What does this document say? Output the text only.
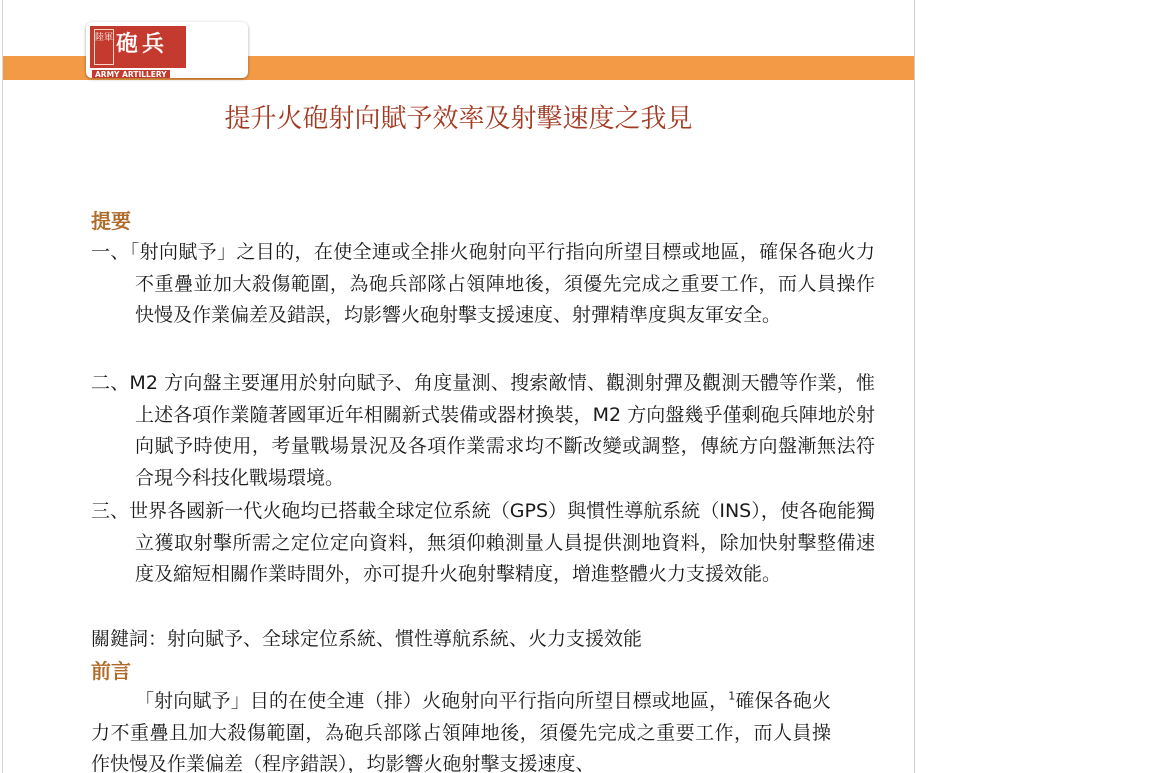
陸軍 砲兵
ARMY ARTILLERY
提升火砲射向賦予效率及射擊速度之我見
提要
一、「射向賦予」之目的，在使全連或全排火砲射向平行指向所望目標或地區，確保各砲火力不重疊並加大殺傷範圍，為砲兵部隊占領陣地後，須優先完成之重要工作，而人員操作快慢及作業偏差及錯誤，均影響火砲射擊支援速度、射彈精準度與友軍安全。
二、M2 方向盤主要運用於射向賦予、角度量測、搜索敵情、觀測射彈及觀測天體等作業，惟上述各項作業隨著國軍近年相關新式裝備或器材換裝，M2 方向盤幾乎僅剩砲兵陣地於射向賦予時使用，考量戰場景況及各項作業需求均不斷改變或調整，傳統方向盤漸無法符合現今科技化戰場環境。
三、世界各國新一代火砲均已搭載全球定位系統（GPS）與慣性導航系統（INS），使各砲能獨立獲取射擊所需之定位定向資料，無須仰賴測量人員提供測地資料，除加快射擊整備速度及縮短相關作業時間外，亦可提升火砲射擊精度，增進整體火力支援效能。
關鍵詞：射向賦予、全球定位系統、慣性導航系統、火力支援效能
前言
「射向賦予」目的在使全連（排）火砲射向平行指向所望目標或地區，$^1$確保各砲火力不重疊且加大殺傷範圍，為砲兵部隊占領陣地後，須優先完成之重要工作，而人員操作快慢及作業偏差（程序錯誤），均影響火砲射擊支援速度、
